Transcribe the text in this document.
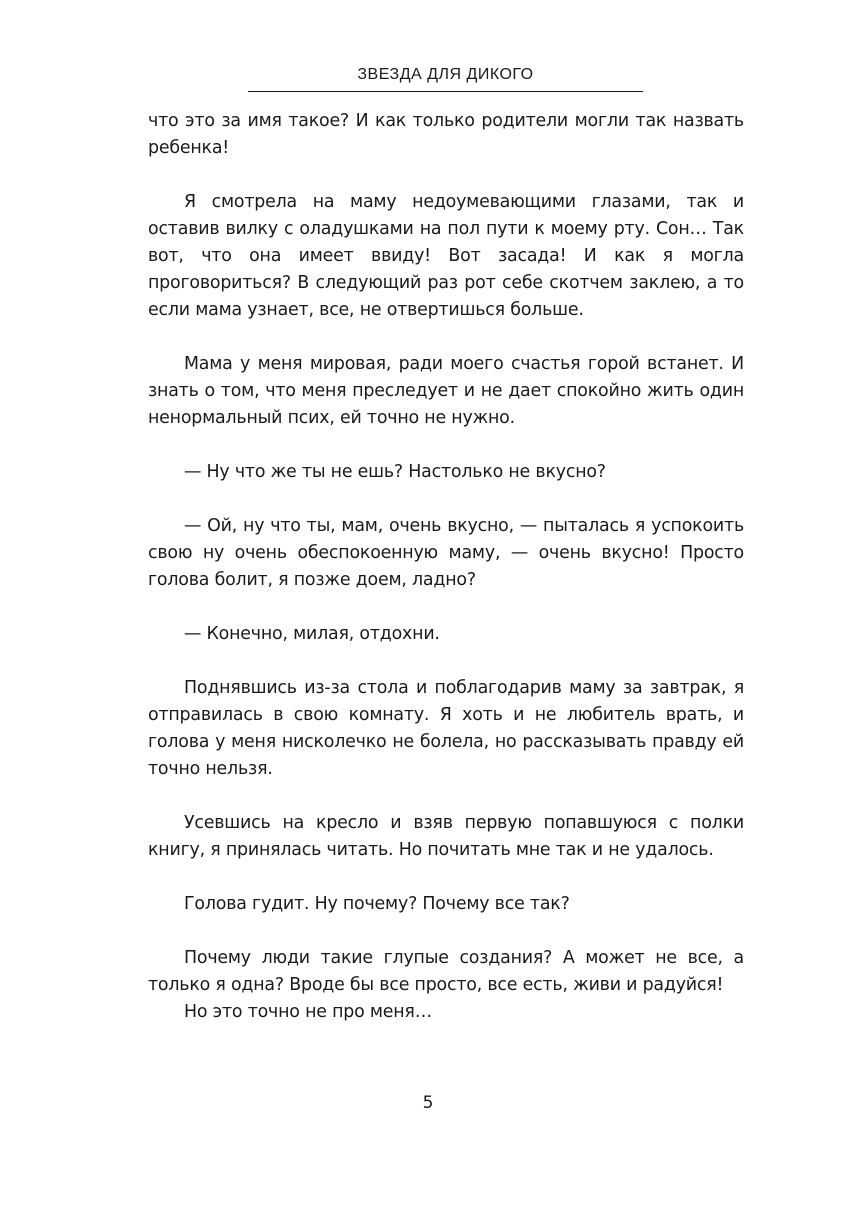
ЗВЕЗДА ДЛЯ ДИКОГО

что это за имя такое? И как только родители могли так назвать ребенка!

Я смотрела на маму недоумевающими глазами, так и оставив вилку с оладушками на пол пути к моему рту. Сон… Так вот, что она имеет ввиду! Вот засада! И как я могла проговориться? В следующий раз рот себе скотчем заклею, а то если мама узнает, все, не отвертишься больше.

Мама у меня мировая, ради моего счастья горой встанет. И знать о том, что меня преследует и не дает спокойно жить один ненормальный псих, ей точно не нужно.

— Ну что же ты не ешь? Настолько не вкусно?

— Ой, ну что ты, мам, очень вкусно, — пыталась я успокоить свою ну очень обеспокоенную маму, — очень вкусно! Просто голова болит, я позже доем, ладно?

— Конечно, милая, отдохни.

Поднявшись из-за стола и поблагодарив маму за завтрак, я отправилась в свою комнату. Я хоть и не любитель врать, и голова у меня нисколечко не болела, но рассказывать правду ей точно нельзя.

Усевшись на кресло и взяв первую попавшуюся с полки книгу, я принялась читать. Но почитать мне так и не удалось.

Голова гудит. Ну почему? Почему все так?

Почему люди такие глупые создания? А может не все, а только я одна? Вроде бы все просто, все есть, живи и радуйся!

Но это точно не про меня…

5
